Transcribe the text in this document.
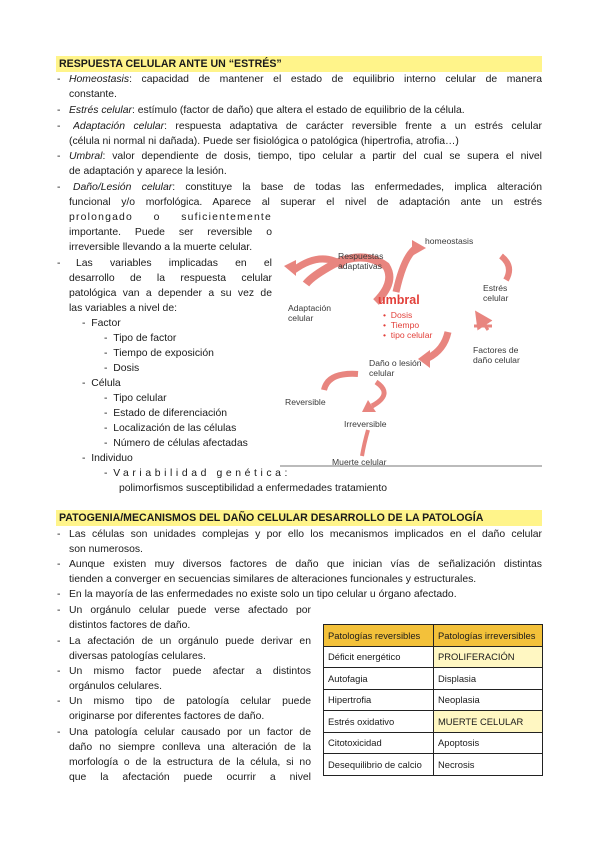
RESPUESTA CELULAR ANTE UN “ESTRÉS”
- Homeostasis: capacidad de mantener el estado de equilibrio interno celular de manera
constante.
- Estrés celular: estímulo (factor de daño) que altera el estado de equilibrio de la célula.
- Adaptación celular: respuesta adaptativa de carácter reversible frente a un estrés celular
(célula ni normal ni dañada). Puede ser fisiológica o patológica (hipertrofia, atrofia…)
- Umbral: valor dependiente de dosis, tiempo, tipo celular a partir del cual se supera el nivel
de adaptación y aparece la lesión.
- Daño/Lesión celular: constituye la base de todas las enfermedades, implica alteración
funcional y/o morfológica. Aparece al superar el nivel de adaptación ante un estrés
prolongado o suficientemente
importante. Puede ser reversible o
irreversible llevando a la muerte celular.
- Las variables implicadas en el
desarrollo de la respuesta celular
patológica van a depender a su vez de
las variables a nivel de:
-  Factor
-  Tipo de factor
-  Tiempo de exposición
-  Dosis
-  Célula
-  Tipo celular
-  Estado de diferenciación
-  Localización de las células
-  Número de células afectadas
-  Individuo
-  Variabilidad genética:
polimorfismos susceptibilidad a enfermedades tratamiento
Respuestas
adaptativas
homeostasis
Estrés
celular
Adaptación
celular
umbral
•  Dosis
•  Tiempo
•  tipo celular
Factores de
daño celular
Daño o lesión
celular
Reversible
Irreversible
Muerte celular
PATOGENIA/MECANISMOS DEL DAÑO CELULAR DESARROLLO DE LA PATOLOGÍA
- Las células son unidades complejas y por ello los mecanismos implicados en el daño celular
son numerosos.
- Aunque existen muy diversos factores de daño que inician vías de señalización distintas
tienden a converger en secuencias similares de alteraciones funcionales y estructurales.
- En la mayoría de las enfermedades no existe solo un tipo celular u órgano afectado.
- Un orgánulo celular puede verse afectado por
distintos factores de daño.
- La afectación de un orgánulo puede derivar en
diversas patologías celulares.
- Un mismo factor puede afectar a distintos
orgánulos celulares.
- Un mismo tipo de patología celular puede
originarse por diferentes factores de daño.
- Una patología celular causado por un factor de
daño no siempre conlleva una alteración de la
morfología o de la estructura de la célula, si no
que la afectación puede ocurrir a nivel
Patologías reversibles	Patologías irreversibles
Déficit energético	PROLIFERACIÓN
Autofagia	Displasia
Hipertrofia	Neoplasia
Estrés oxidativo	MUERTE CELULAR
Citotoxicidad	Apoptosis
Desequilibrio de calcio	Necrosis
